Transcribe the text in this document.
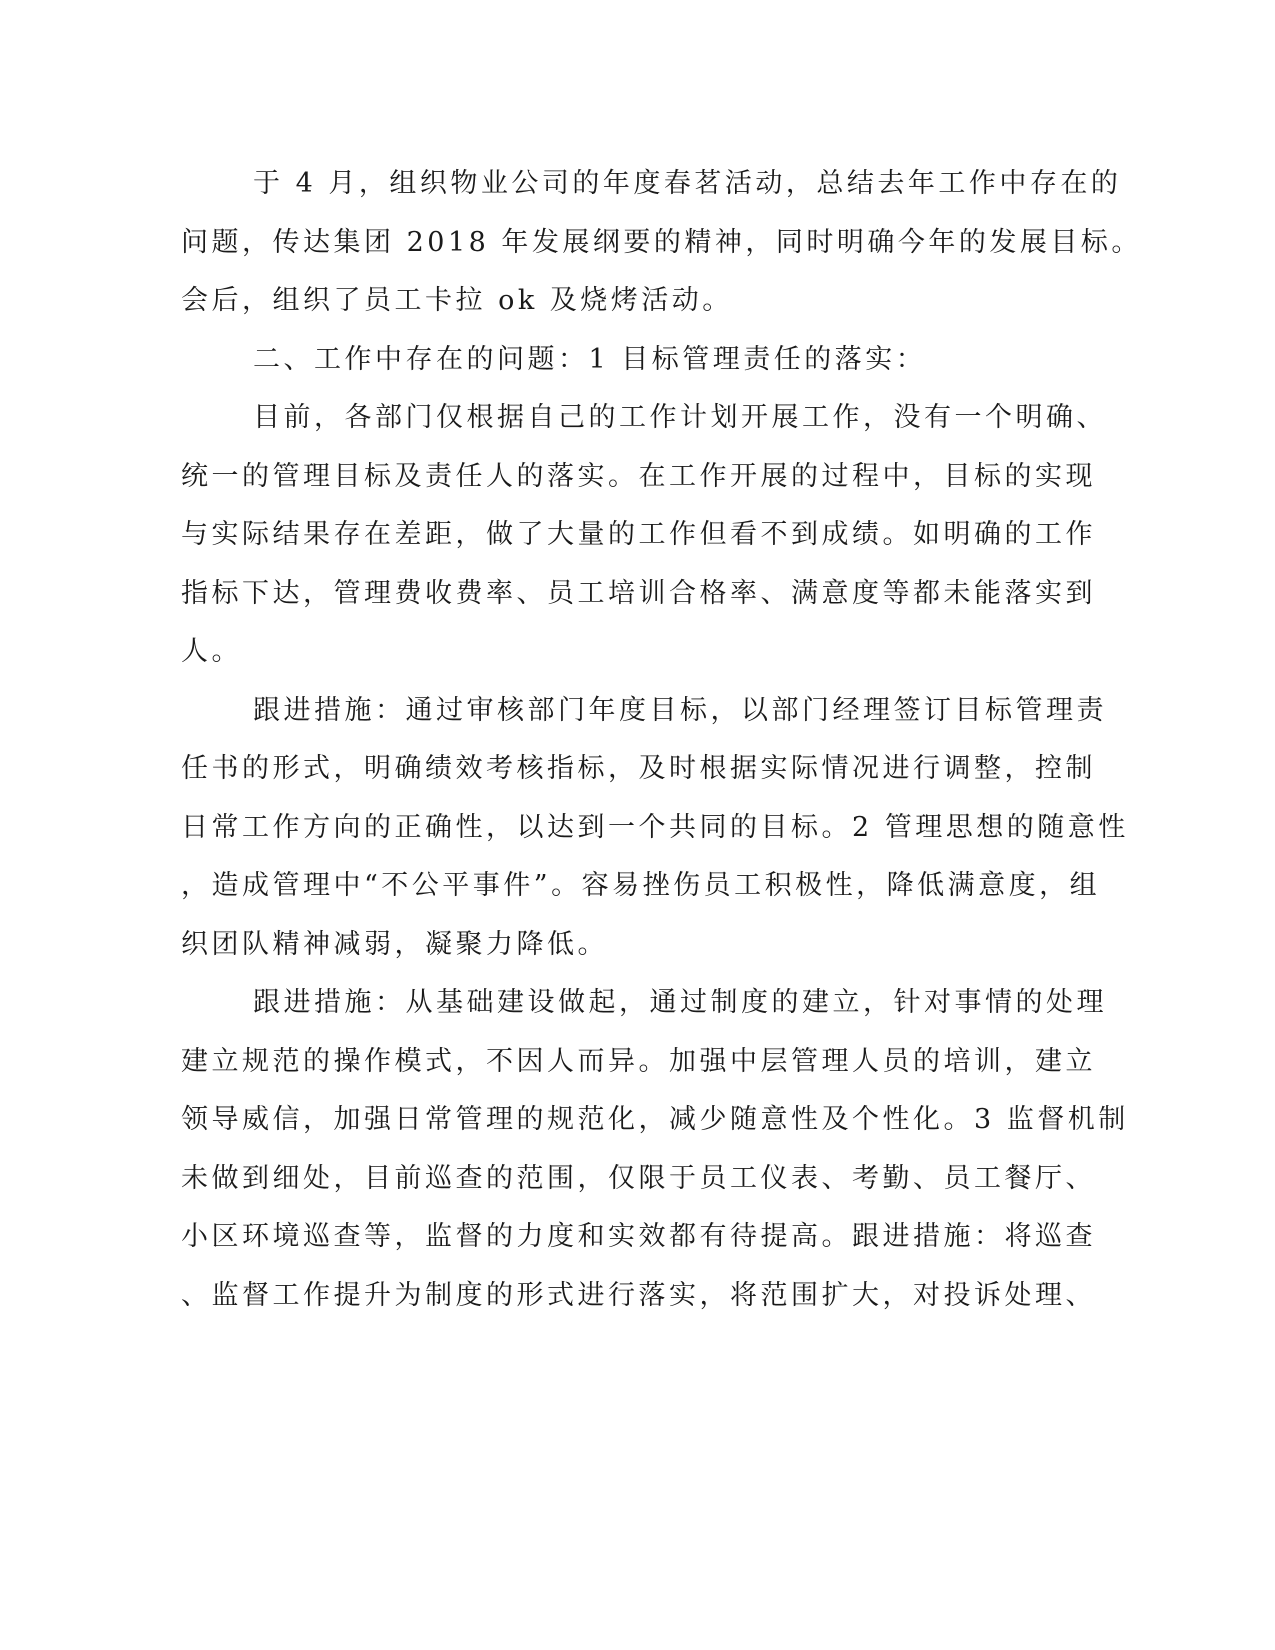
于 4 月，组织物业公司的年度春茗活动，总结去年工作中存在的
问题，传达集团 2018 年发展纲要的精神，同时明确今年的发展目标。
会后，组织了员工卡拉 ok 及烧烤活动。
二、工作中存在的问题：1 目标管理责任的落实：
目前，各部门仅根据自己的工作计划开展工作，没有一个明确、
统一的管理目标及责任人的落实。在工作开展的过程中，目标的实现
与实际结果存在差距，做了大量的工作但看不到成绩。如明确的工作
指标下达，管理费收费率、员工培训合格率、满意度等都未能落实到
人。
跟进措施：通过审核部门年度目标，以部门经理签订目标管理责
任书的形式，明确绩效考核指标，及时根据实际情况进行调整，控制
日常工作方向的正确性，以达到一个共同的目标。2 管理思想的随意性
，造成管理中“不公平事件”。容易挫伤员工积极性，降低满意度，组
织团队精神减弱，凝聚力降低。
跟进措施：从基础建设做起，通过制度的建立，针对事情的处理
建立规范的操作模式，不因人而异。加强中层管理人员的培训，建立
领导威信，加强日常管理的规范化，减少随意性及个性化。3 监督机制
未做到细处，目前巡查的范围，仅限于员工仪表、考勤、员工餐厅、
小区环境巡查等，监督的力度和实效都有待提高。跟进措施：将巡查
、监督工作提升为制度的形式进行落实，将范围扩大，对投诉处理、
